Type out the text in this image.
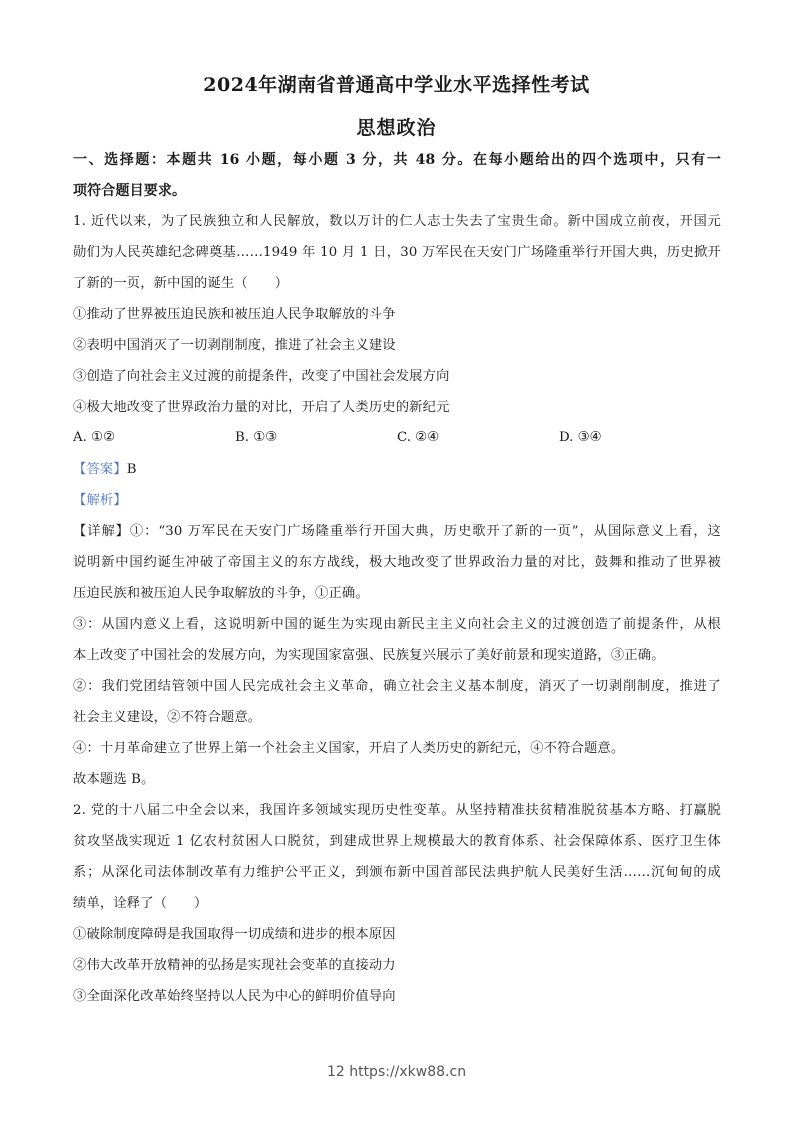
2024年湖南省普通高中学业水平选择性考试
思想政治
一、选择题：本题共 16 小题，每小题 3 分，共 48 分。在每小题给出的四个选项中，只有一
项符合题目要求。
1. 近代以来，为了民族独立和人民解放，数以万计的仁人志士失去了宝贵生命。新中国成立前夜，开国元
勋们为人民英雄纪念碑奠基……1949 年 10 月 1 日，30 万军民在天安门广场隆重举行开国大典，历史掀开
了新的一页，新中国的诞生（　　）
①推动了世界被压迫民族和被压迫人民争取解放的斗争
②表明中国消灭了一切剥削制度，推进了社会主义建设
③创造了向社会主义过渡的前提条件，改变了中国社会发展方向
④极大地改变了世界政治力量的对比，开启了人类历史的新纪元
A. ①②	B. ①③	C. ②④	D. ③④
【答案】B
【解析】
【详解】①：“30 万军民在天安门广场隆重举行开国大典，历史歌开了新的一页”，从国际意义上看，这
说明新中国约诞生冲破了帝国主义的东方战线，极大地改变了世界政治力量的对比，鼓舞和推动了世界被
压迫民族和被压迫人民争取解放的斗争，①正确。
③：从国内意义上看，这说明新中国的诞生为实现由新民主主义向社会主义的过渡创造了前提条件，从根
本上改变了中国社会的发展方向，为实现国家富强、民族复兴展示了美好前景和现实道路，③正确。
②：我们党团结管领中国人民完成社会主义革命，确立社会主义基本制度，消灭了一切剥削制度，推进了
社会主义建设，②不符合题意。
④：十月革命建立了世界上第一个社会主义国家，开启了人类历史的新纪元，④不符合题意。
故本题选 B。
2. 党的十八届二中全会以来，我国许多领域实现历史性变革。从坚持精准扶贫精准脱贫基本方略、打赢脱
贫攻坚战实现近 1 亿农村贫困人口脱贫，到建成世界上规模最大的教育体系、社会保障体系、医疗卫生体
系；从深化司法体制改革有力维护公平正义，到颁布新中国首部民法典护航人民美好生活……沉甸甸的成
绩单，诠释了（　　）
①破除制度障碍是我国取得一切成绩和进步的根本原因
②伟大改革开放精神的弘扬是实现社会变革的直接动力
③全面深化改革始终坚持以人民为中心的鲜明价值导向
12 https://xkw88.cn
